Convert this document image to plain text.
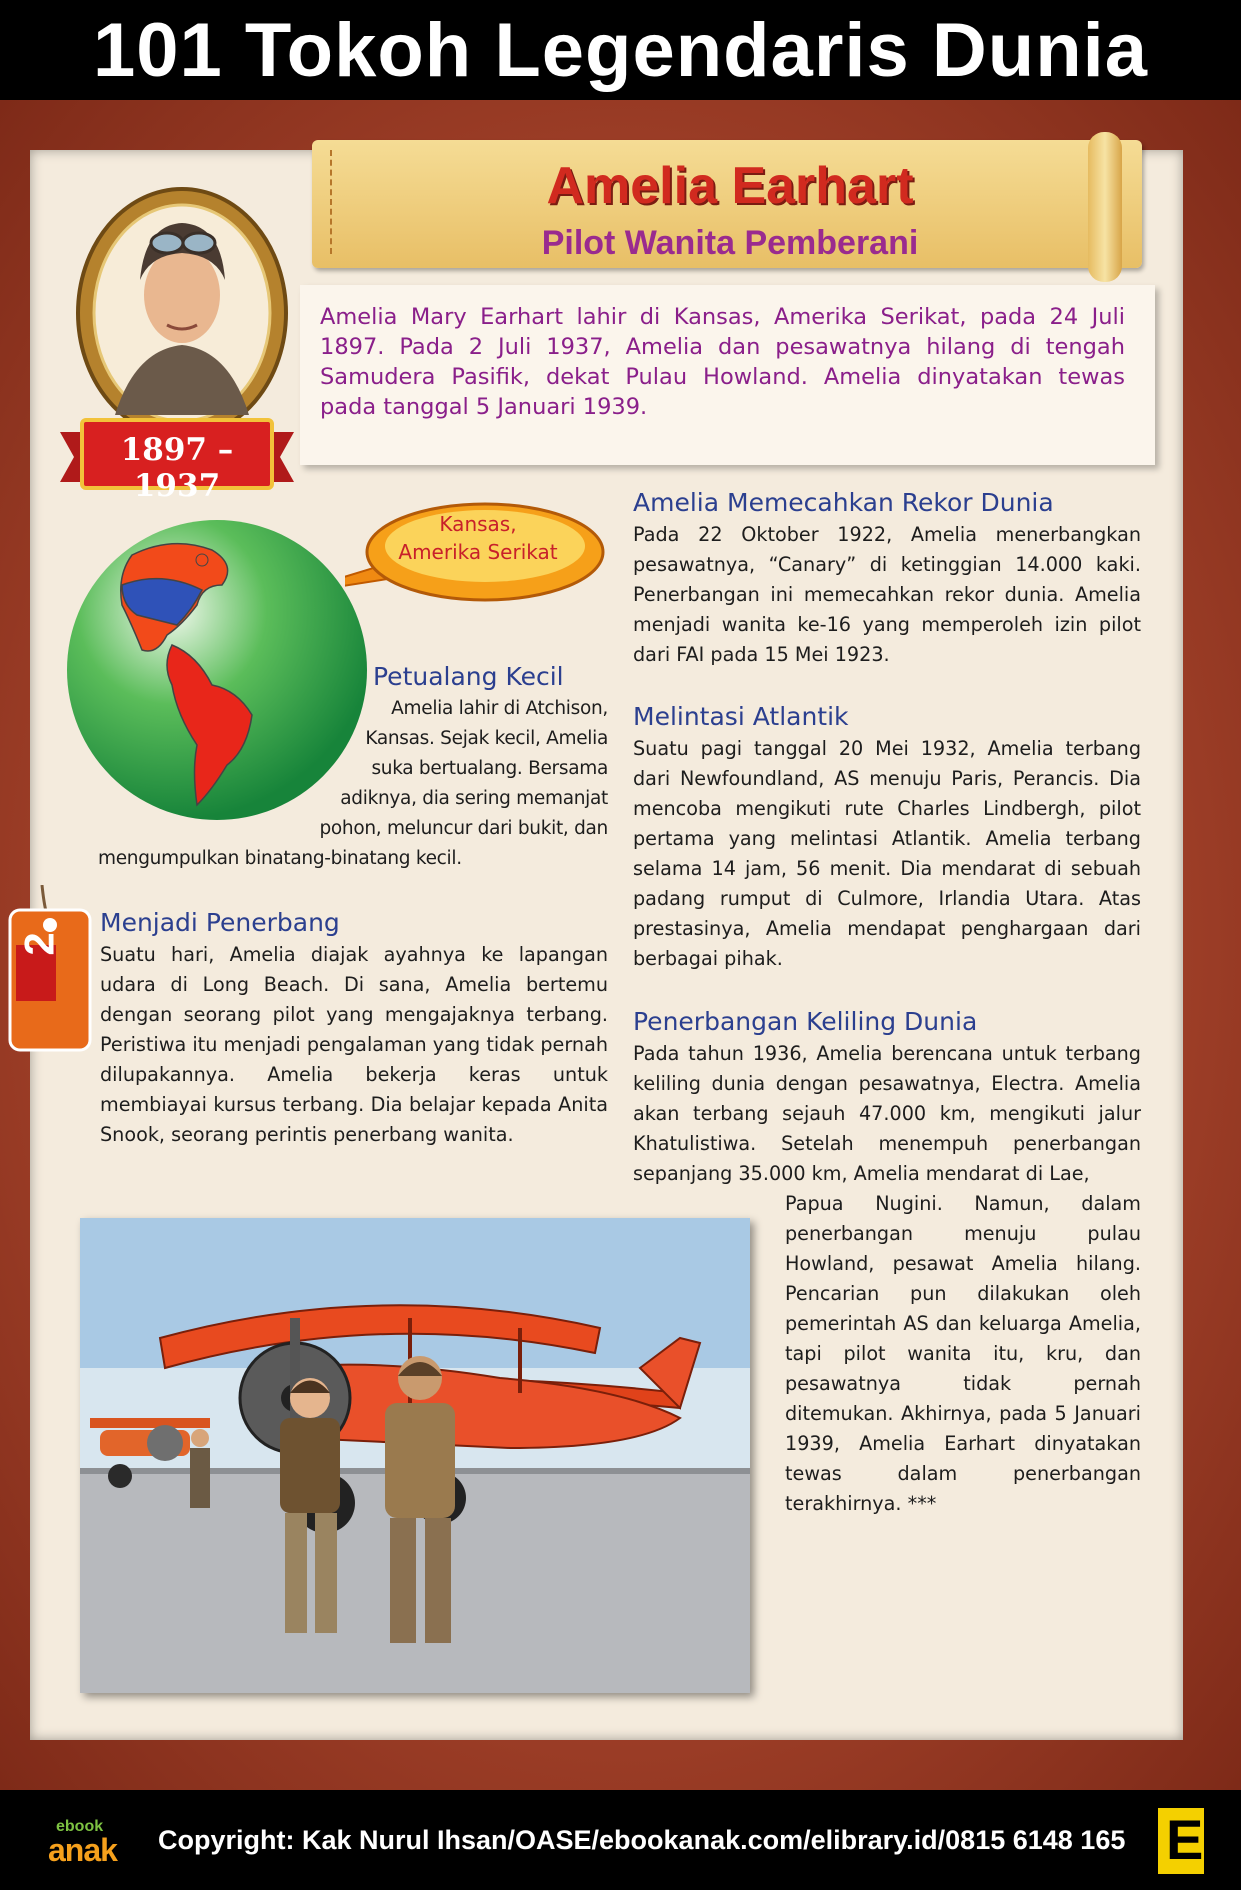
101 Tokoh Legendaris Dunia
Amelia Earhart
Pilot Wanita Pemberani

Amelia Mary Earhart lahir di Kansas, Amerika Serikat, pada 24 Juli 1897. Pada 2 Juli 1937, Amelia dan pesawatnya hilang di tengah Samudera Pasifik, dekat Pulau Howland. Amelia dinyatakan tewas pada tanggal 5 Januari 1939.

1897 – 1937
Kansas,
Amerika Serikat
2
Petualang Kecil
Amelia lahir di Atchison,
Kansas. Sejak kecil, Amelia
suka bertualang. Bersama
adiknya, dia sering memanjat
pohon, meluncur dari bukit, dan
mengumpulkan binatang-binatang kecil.
Menjadi Penerbang

Suatu hari, Amelia diajak ayahnya ke lapangan udara di Long Beach. Di sana, Amelia bertemu dengan seorang pilot yang mengajaknya terbang. Peristiwa itu menjadi pengalaman yang tidak pernah dilupakannya. Amelia bekerja keras untuk membiayai kursus terbang. Dia belajar kepada Anita Snook, seorang perintis penerbang wanita.

Amelia Memecahkan Rekor Dunia

Pada 22 Oktober 1922, Amelia menerbangkan pesawatnya, “Canary” di ketinggian 14.000 kaki. Penerbangan ini memecahkan rekor dunia. Amelia menjadi wanita ke-16 yang memperoleh izin pilot dari FAI pada 15 Mei 1923.

Melintasi Atlantik

Suatu pagi tanggal 20 Mei 1932, Amelia terbang dari Newfoundland, AS menuju Paris, Perancis. Dia mencoba mengikuti rute Charles Lindbergh, pilot pertama yang melintasi Atlantik. Amelia terbang selama 14 jam, 56 menit. Dia mendarat di sebuah padang rumput di Culmore, Irlandia Utara. Atas prestasinya, Amelia mendapat penghargaan dari berbagai pihak.

Penerbangan Keliling Dunia

Pada tahun 1936, Amelia berencana untuk terbang keliling dunia dengan pesawatnya, Electra. Amelia akan terbang sejauh 47.000 km, mengikuti jalur Khatulistiwa. Setelah menempuh penerbangan sepanjang 35.000 km, Amelia mendarat di Lae,

Papua Nugini. Namun, dalam penerbangan menuju pulau Howland, pesawat Amelia hilang. Pencarian pun dilakukan oleh pemerintah AS dan keluarga Amelia, tapi pilot wanita itu, kru, dan pesawatnya tidak pernah ditemukan. Akhirnya, pada 5 Januari 1939, Amelia Earhart dinyatakan tewas dalam penerbangan terakhirnya. ***

ebook
anak Copyright: Kak Nurul Ihsan/OASE/ebookanak.com/elibrary.id/0815 6148 165 E
